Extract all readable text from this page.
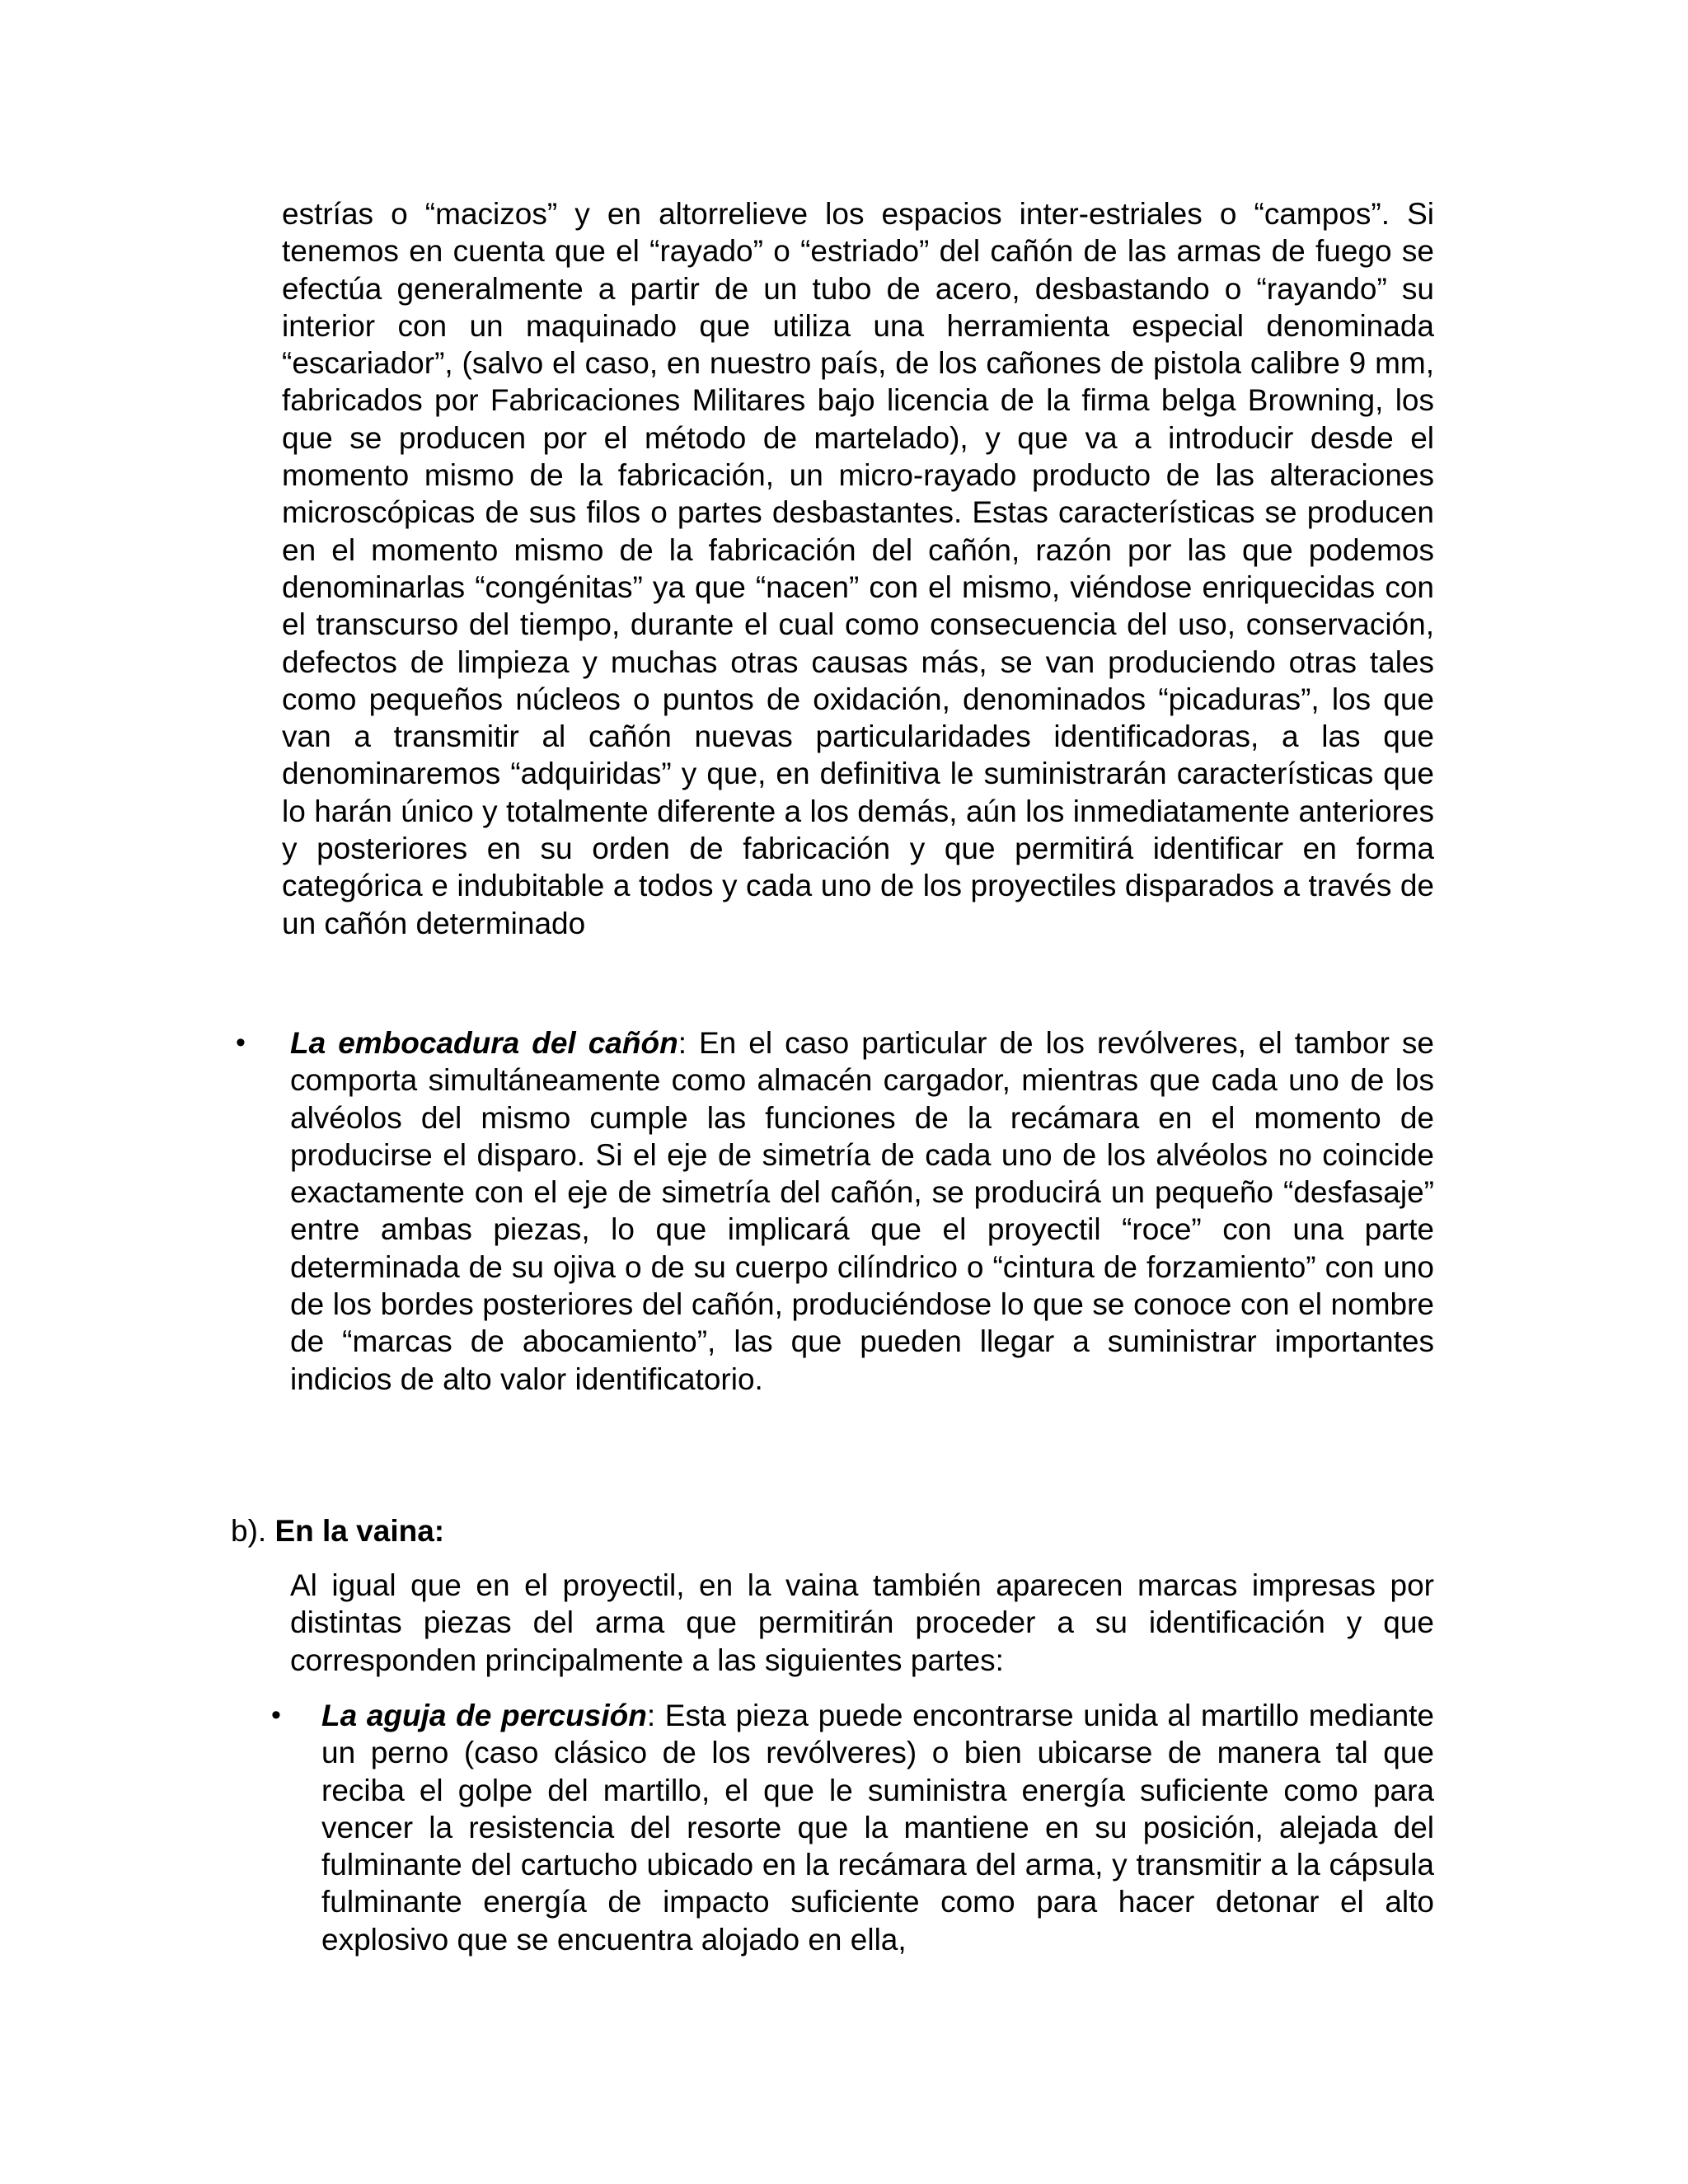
estrías o “macizos” y en altorrelieve los espacios inter-estriales o “campos”. Si tenemos en cuenta que el “rayado” o “estriado” del cañón de las armas de fuego se efectúa generalmente a partir de un tubo de acero, desbastando o “rayando” su interior con un maquinado que utiliza una herramienta especial denominada “escariador”, (salvo el caso, en nuestro país, de los cañones de pistola calibre 9 mm, fabricados por Fabricaciones Militares bajo licencia de la firma belga Browning, los que se producen por el método de martelado), y que va a introducir desde el momento mismo de la fabricación, un micro-rayado producto de las alteraciones microscópicas de sus filos o partes desbastantes. Estas características se producen en el momento mismo de la fabricación del cañón, razón por las que podemos denominarlas “congénitas” ya que “nacen” con el mismo, viéndose enriquecidas con el transcurso del tiempo, durante el cual como consecuencia del uso, conservación, defectos de limpieza y muchas otras causas más, se van produciendo otras tales como pequeños núcleos o puntos de oxidación, denominados “picaduras”, los que van a transmitir al cañón nuevas particularidades identificadoras, a las que denominaremos “adquiridas” y que, en definitiva le suministrarán características que lo harán único y totalmente diferente a los demás, aún los inmediatamente anteriores y posteriores en su orden de fabricación y que permitirá identificar en forma categórica e indubitable a todos y cada uno de los proyectiles disparados a través de un cañón determinado

• La embocadura del cañón: En el caso particular de los revólveres, el tambor se comporta simultáneamente como almacén cargador, mientras que cada uno de los alvéolos del mismo cumple las funciones de la recámara en el momento de producirse el disparo. Si el eje de simetría de cada uno de los alvéolos no coincide exactamente con el eje de simetría del cañón, se producirá un pequeño “desfasaje” entre ambas piezas, lo que implicará que el proyectil “roce” con una parte determinada de su ojiva o de su cuerpo cilíndrico o “cintura de forzamiento” con uno de los bordes posteriores del cañón, produciéndose lo que se conoce con el nombre de “marcas de abocamiento”, las que pueden llegar a suministrar importantes indicios de alto valor identificatorio.

b). En la vaina:

Al igual que en el proyectil, en la vaina también aparecen marcas impresas por distintas piezas del arma que permitirán proceder a su identificación y que corresponden principalmente a las siguientes partes:

• La aguja de percusión: Esta pieza puede encontrarse unida al martillo mediante un perno (caso clásico de los revólveres) o bien ubicarse de manera tal que reciba el golpe del martillo, el que le suministra energía suficiente como para vencer la resistencia del resorte que la mantiene en su posición, alejada del fulminante del cartucho ubicado en la recámara del arma, y transmitir a la cápsula fulminante energía de impacto suficiente como para hacer detonar el alto explosivo que se encuentra alojado en ella,
